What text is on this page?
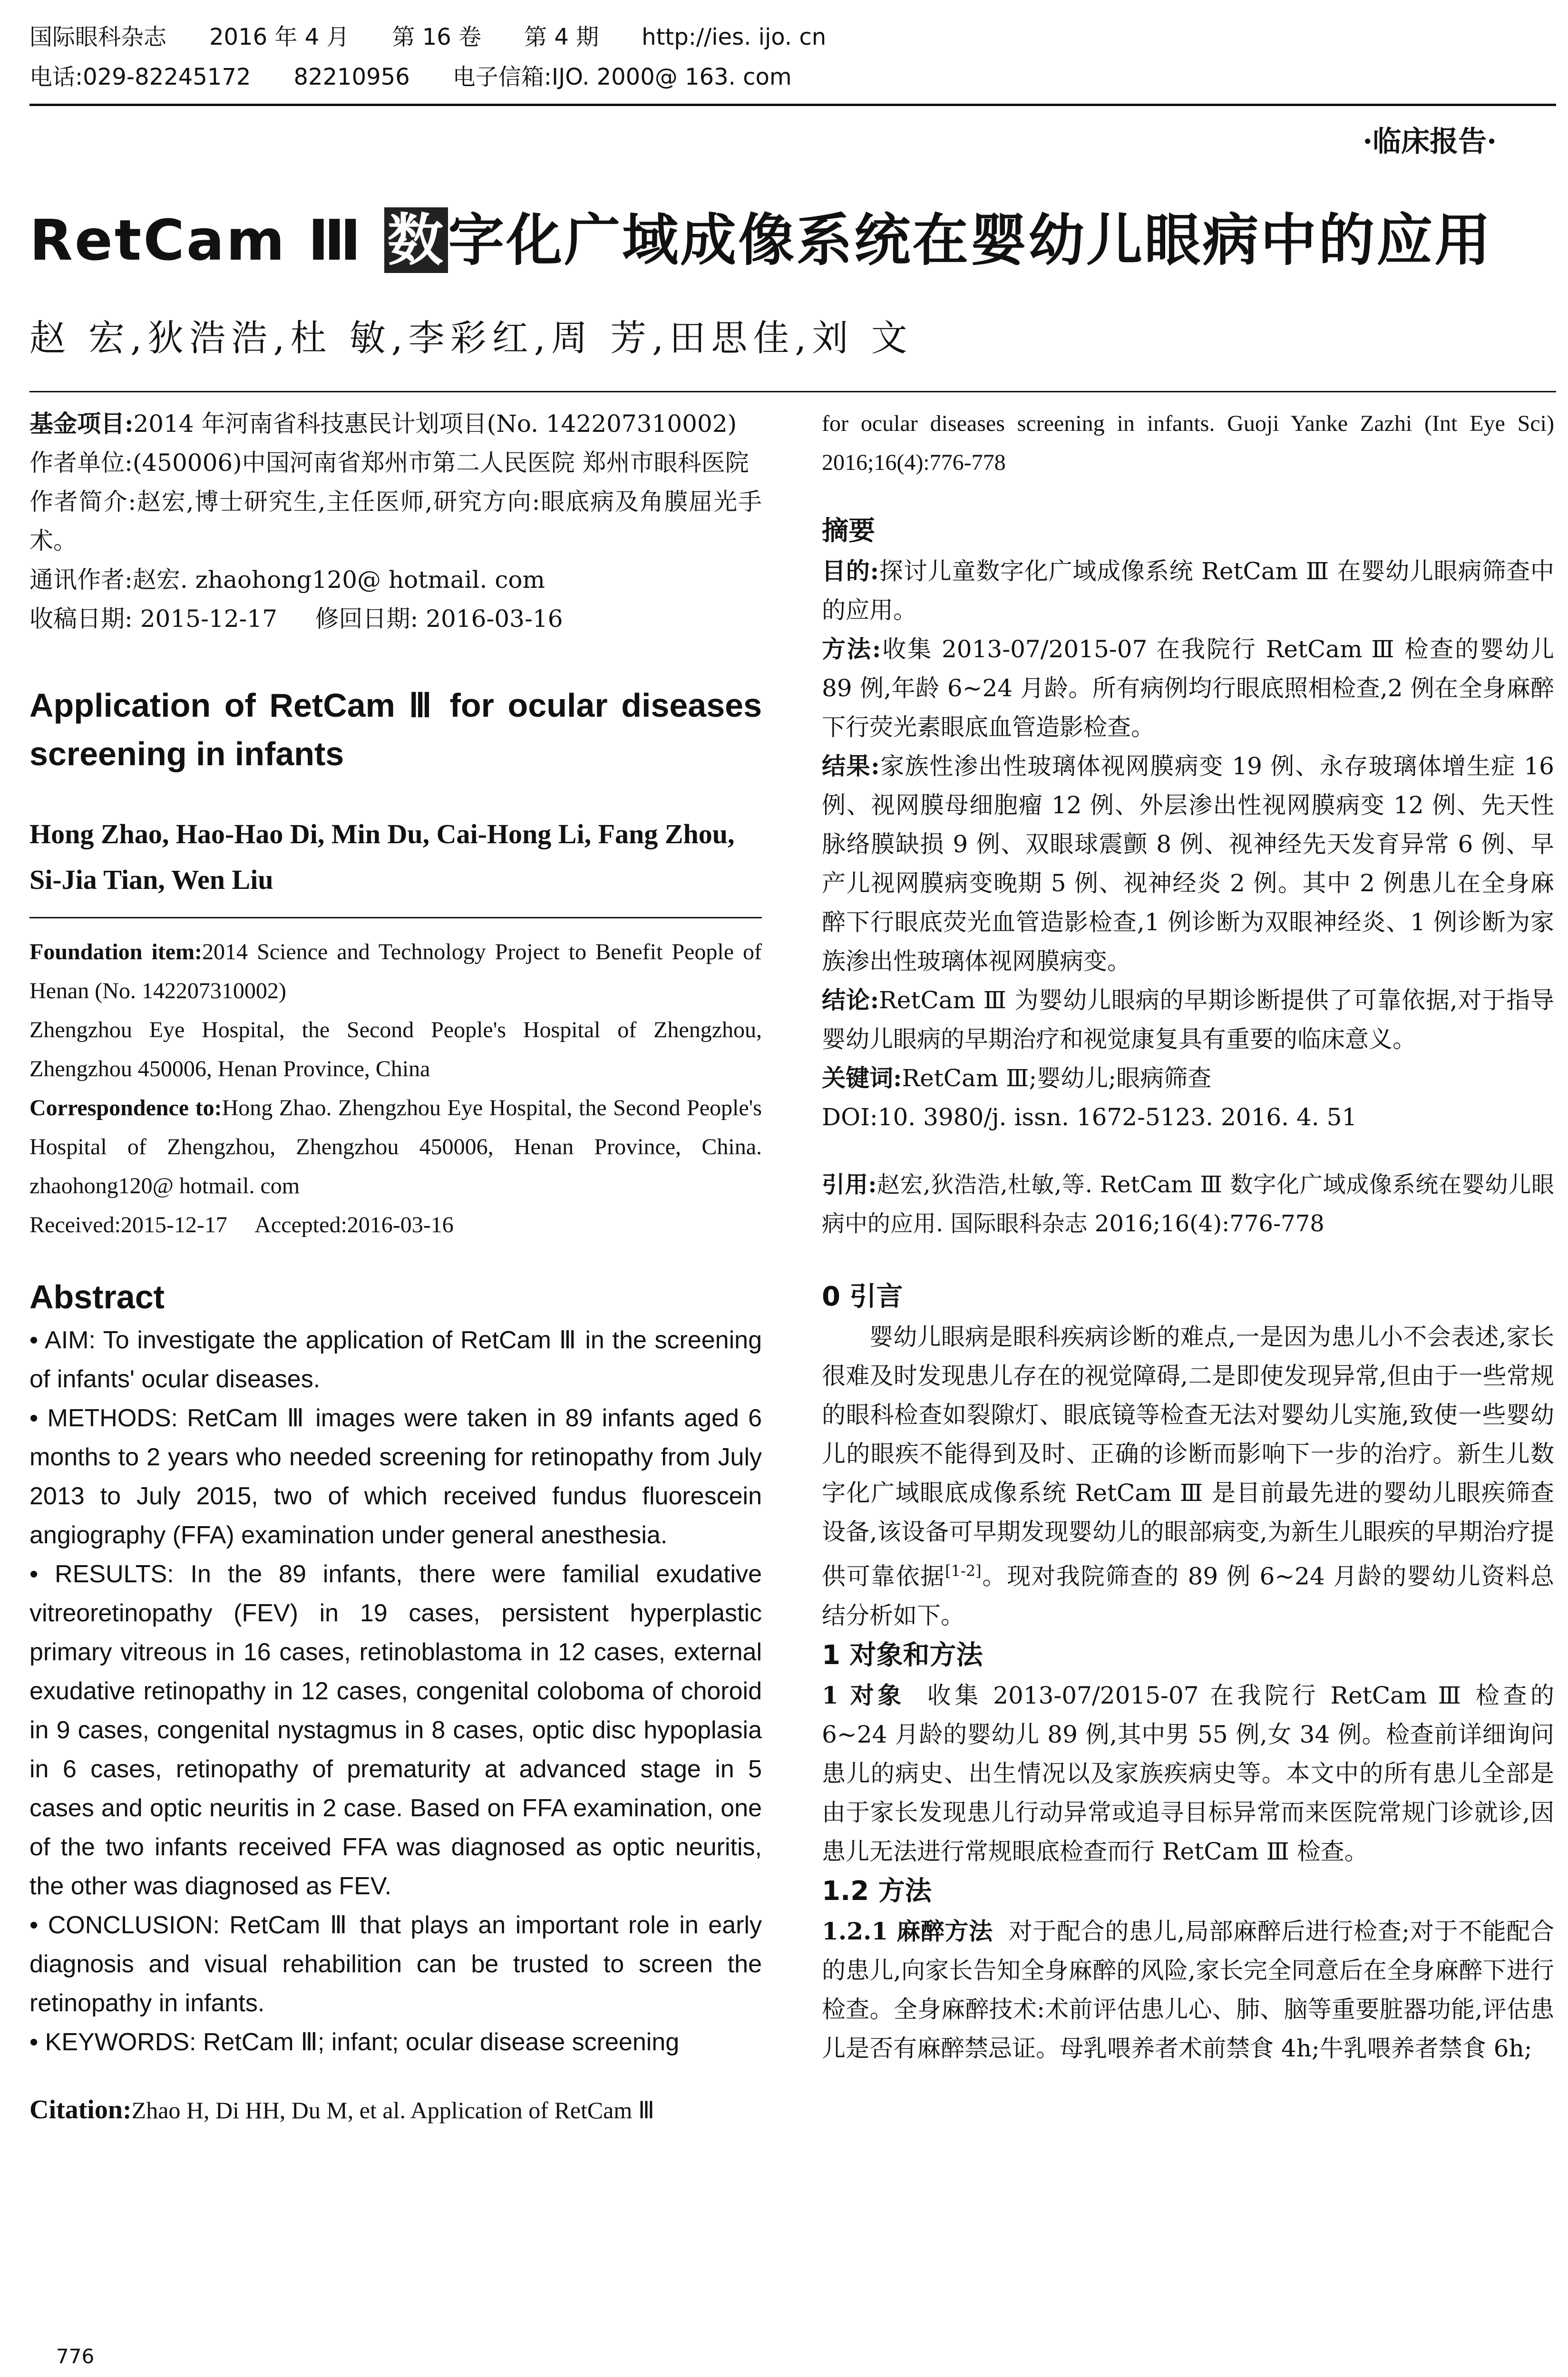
国际眼科杂志 2016 年 4 月 第 16 卷 第 4 期 http://ies. ijo. cn
电话:029-82245172 82210956 电子信箱:IJO. 2000@ 163. com
·临床报告·
RetCam Ⅲ 数字化广域成像系统在婴幼儿眼病中的应用
赵 宏,狄浩浩,杜 敏,李彩红,周 芳,田思佳,刘 文

基金项目:2014 年河南省科技惠民计划项目(No. 142207310002)

作者单位:(450006)中国河南省郑州市第二人民医院 郑州市眼科医院

作者简介:赵宏,博士研究生,主任医师,研究方向:眼底病及角膜屈光手术。

通讯作者:赵宏. zhaohong120@ hotmail. com

收稿日期: 2015-12-17     修回日期: 2016-03-16

Application of RetCam Ⅲ for ocular diseases screening in infants
Hong Zhao, Hao-Hao Di, Min Du, Cai-Hong Li, Fang Zhou, Si-Jia Tian, Wen Liu

Foundation item:2014 Science and Technology Project to Benefit People of Henan (No. 142207310002)

Zhengzhou Eye Hospital, the Second People's Hospital of Zhengzhou, Zhengzhou 450006, Henan Province, China

Correspondence to:Hong Zhao. Zhengzhou Eye Hospital, the Second People's Hospital of Zhengzhou, Zhengzhou 450006, Henan Province, China. zhaohong120@ hotmail. com

Received:2015-12-17     Accepted:2016-03-16

Abstract

• AIM: To investigate the application of RetCam Ⅲ in the screening of infants' ocular diseases.

• METHODS: RetCam Ⅲ images were taken in 89 infants aged 6 months to 2 years who needed screening for retinopathy from July 2013 to July 2015, two of which received fundus fluorescein angiography (FFA) examination under general anesthesia.

• RESULTS: In the 89 infants, there were familial exudative vitreoretinopathy (FEV) in 19 cases, persistent hyperplastic primary vitreous in 16 cases, retinoblastoma in 12 cases, external exudative retinopathy in 12 cases, congenital coloboma of choroid in 9 cases, congenital nystagmus in 8 cases, optic disc hypoplasia in 6 cases, retinopathy of prematurity at advanced stage in 5 cases and optic neuritis in 2 case. Based on FFA examination, one of the two infants received FFA was diagnosed as optic neuritis, the other was diagnosed as FEV.

• CONCLUSION: RetCam Ⅲ that plays an important role in early diagnosis and visual rehabilition can be trusted to screen the retinopathy in infants.

• KEYWORDS: RetCam Ⅲ; infant; ocular disease screening

Citation:Zhao H, Di HH, Du M, et al. Application of RetCam Ⅲ

for ocular diseases screening in infants. Guoji Yanke Zazhi (Int Eye Sci) 2016;16(4):776-778

摘要

目的:探讨儿童数字化广域成像系统 RetCam Ⅲ 在婴幼儿眼病筛查中的应用。

方法:收集 2013-07/2015-07 在我院行 RetCam Ⅲ 检查的婴幼儿 89 例,年龄 6~24 月龄。所有病例均行眼底照相检查,2 例在全身麻醉下行荧光素眼底血管造影检查。

结果:家族性渗出性玻璃体视网膜病变 19 例、永存玻璃体增生症 16 例、视网膜母细胞瘤 12 例、外层渗出性视网膜病变 12 例、先天性脉络膜缺损 9 例、双眼球震颤 8 例、视神经先天发育异常 6 例、早产儿视网膜病变晚期 5 例、视神经炎 2 例。其中 2 例患儿在全身麻醉下行眼底荧光血管造影检查,1 例诊断为双眼神经炎、1 例诊断为家族渗出性玻璃体视网膜病变。

结论:RetCam Ⅲ 为婴幼儿眼病的早期诊断提供了可靠依据,对于指导婴幼儿眼病的早期治疗和视觉康复具有重要的临床意义。

关键词:RetCam Ⅲ;婴幼儿;眼病筛查

DOI:10. 3980/j. issn. 1672-5123. 2016. 4. 51

引用:赵宏,狄浩浩,杜敏,等. RetCam Ⅲ 数字化广域成像系统在婴幼儿眼病中的应用. 国际眼科杂志 2016;16(4):776-778

0 引言

婴幼儿眼病是眼科疾病诊断的难点,一是因为患儿小不会表述,家长很难及时发现患儿存在的视觉障碍,二是即使发现异常,但由于一些常规的眼科检查如裂隙灯、眼底镜等检查无法对婴幼儿实施,致使一些婴幼儿的眼疾不能得到及时、正确的诊断而影响下一步的治疗。新生儿数字化广域眼底成像系统 RetCam Ⅲ 是目前最先进的婴幼儿眼疾筛查设备,该设备可早期发现婴幼儿的眼部病变,为新生儿眼疾的早期治疗提供可靠依据[1-2]。现对我院筛查的 89 例 6~24 月龄的婴幼儿资料总结分析如下。

1 对象和方法

1 对象 收集 2013-07/2015-07 在我院行 RetCam Ⅲ 检查的 6~24 月龄的婴幼儿 89 例,其中男 55 例,女 34 例。检查前详细询问患儿的病史、出生情况以及家族疾病史等。本文中的所有患儿全部是由于家长发现患儿行动异常或追寻目标异常而来医院常规门诊就诊,因患儿无法进行常规眼底检查而行 RetCam Ⅲ 检查。

1.2 方法

1.2.1 麻醉方法 对于配合的患儿,局部麻醉后进行检查;对于不能配合的患儿,向家长告知全身麻醉的风险,家长完全同意后在全身麻醉下进行检查。全身麻醉技术:术前评估患儿心、肺、脑等重要脏器功能,评估患儿是否有麻醉禁忌证。母乳喂养者术前禁食 4h;牛乳喂养者禁食 6h;

776
